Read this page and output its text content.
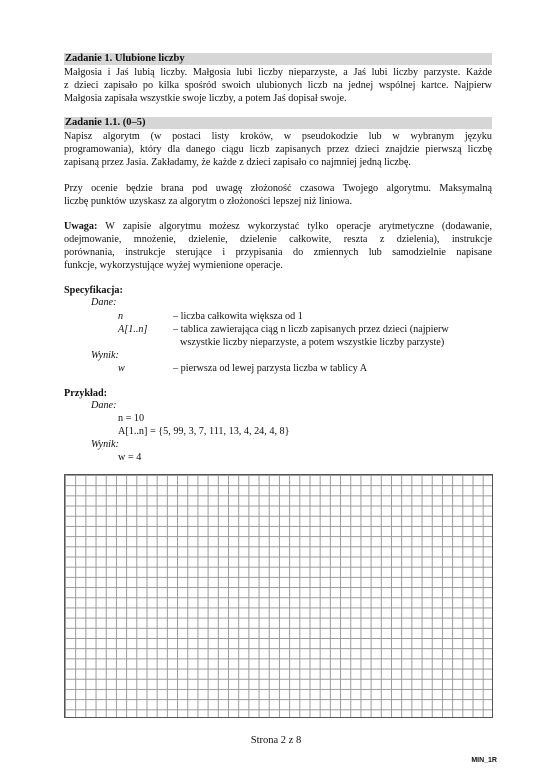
Zadanie 1. Ulubione liczby
Małgosia i Jaś lubią liczby. Małgosia lubi liczby nieparzyste, a Jaś lubi liczby parzyste. Każde
z dzieci zapisało po kilka spośród swoich ulubionych liczb na jednej wspólnej kartce. Najpierw
Małgosia zapisała wszystkie swoje liczby, a potem Jaś dopisał swoje.
Zadanie 1.1. (0–5)
Napisz algorytm (w postaci listy kroków, w pseudokodzie lub w wybranym języku
programowania), który dla danego ciągu liczb zapisanych przez dzieci znajdzie pierwszą liczbę
zapisaną przez Jasia. Zakładamy, że każde z dzieci zapisało co najmniej jedną liczbę.
Przy ocenie będzie brana pod uwagę złożoność czasowa Twojego algorytmu. Maksymalną
liczbę punktów uzyskasz za algorytm o złożoności lepszej niż liniowa.
Uwaga: W zapisie algorytmu możesz wykorzystać tylko operacje arytmetyczne (dodawanie,
odejmowanie, mnożenie, dzielenie, dzielenie całkowite, reszta z dzielenia), instrukcje
porównania, instrukcje sterujące i przypisania do zmiennych lub samodzielnie napisane
funkcje, wykorzystujące wyżej wymienione operacje.
Specyfikacja:
Dane:
n	– liczba całkowita większa od 1
A[1..n]	– tablica zawierająca ciąg n liczb zapisanych przez dzieci (najpierw
wszystkie liczby nieparzyste, a potem wszystkie liczby parzyste)
Wynik:
w	– pierwsza od lewej parzysta liczba w tablicy A
Przykład:
Dane:
n = 10
A[1..n] = {5, 99, 3, 7, 111, 13, 4, 24, 4, 8}
Wynik:
w = 4
Strona 2 z 8
MIN_1R
